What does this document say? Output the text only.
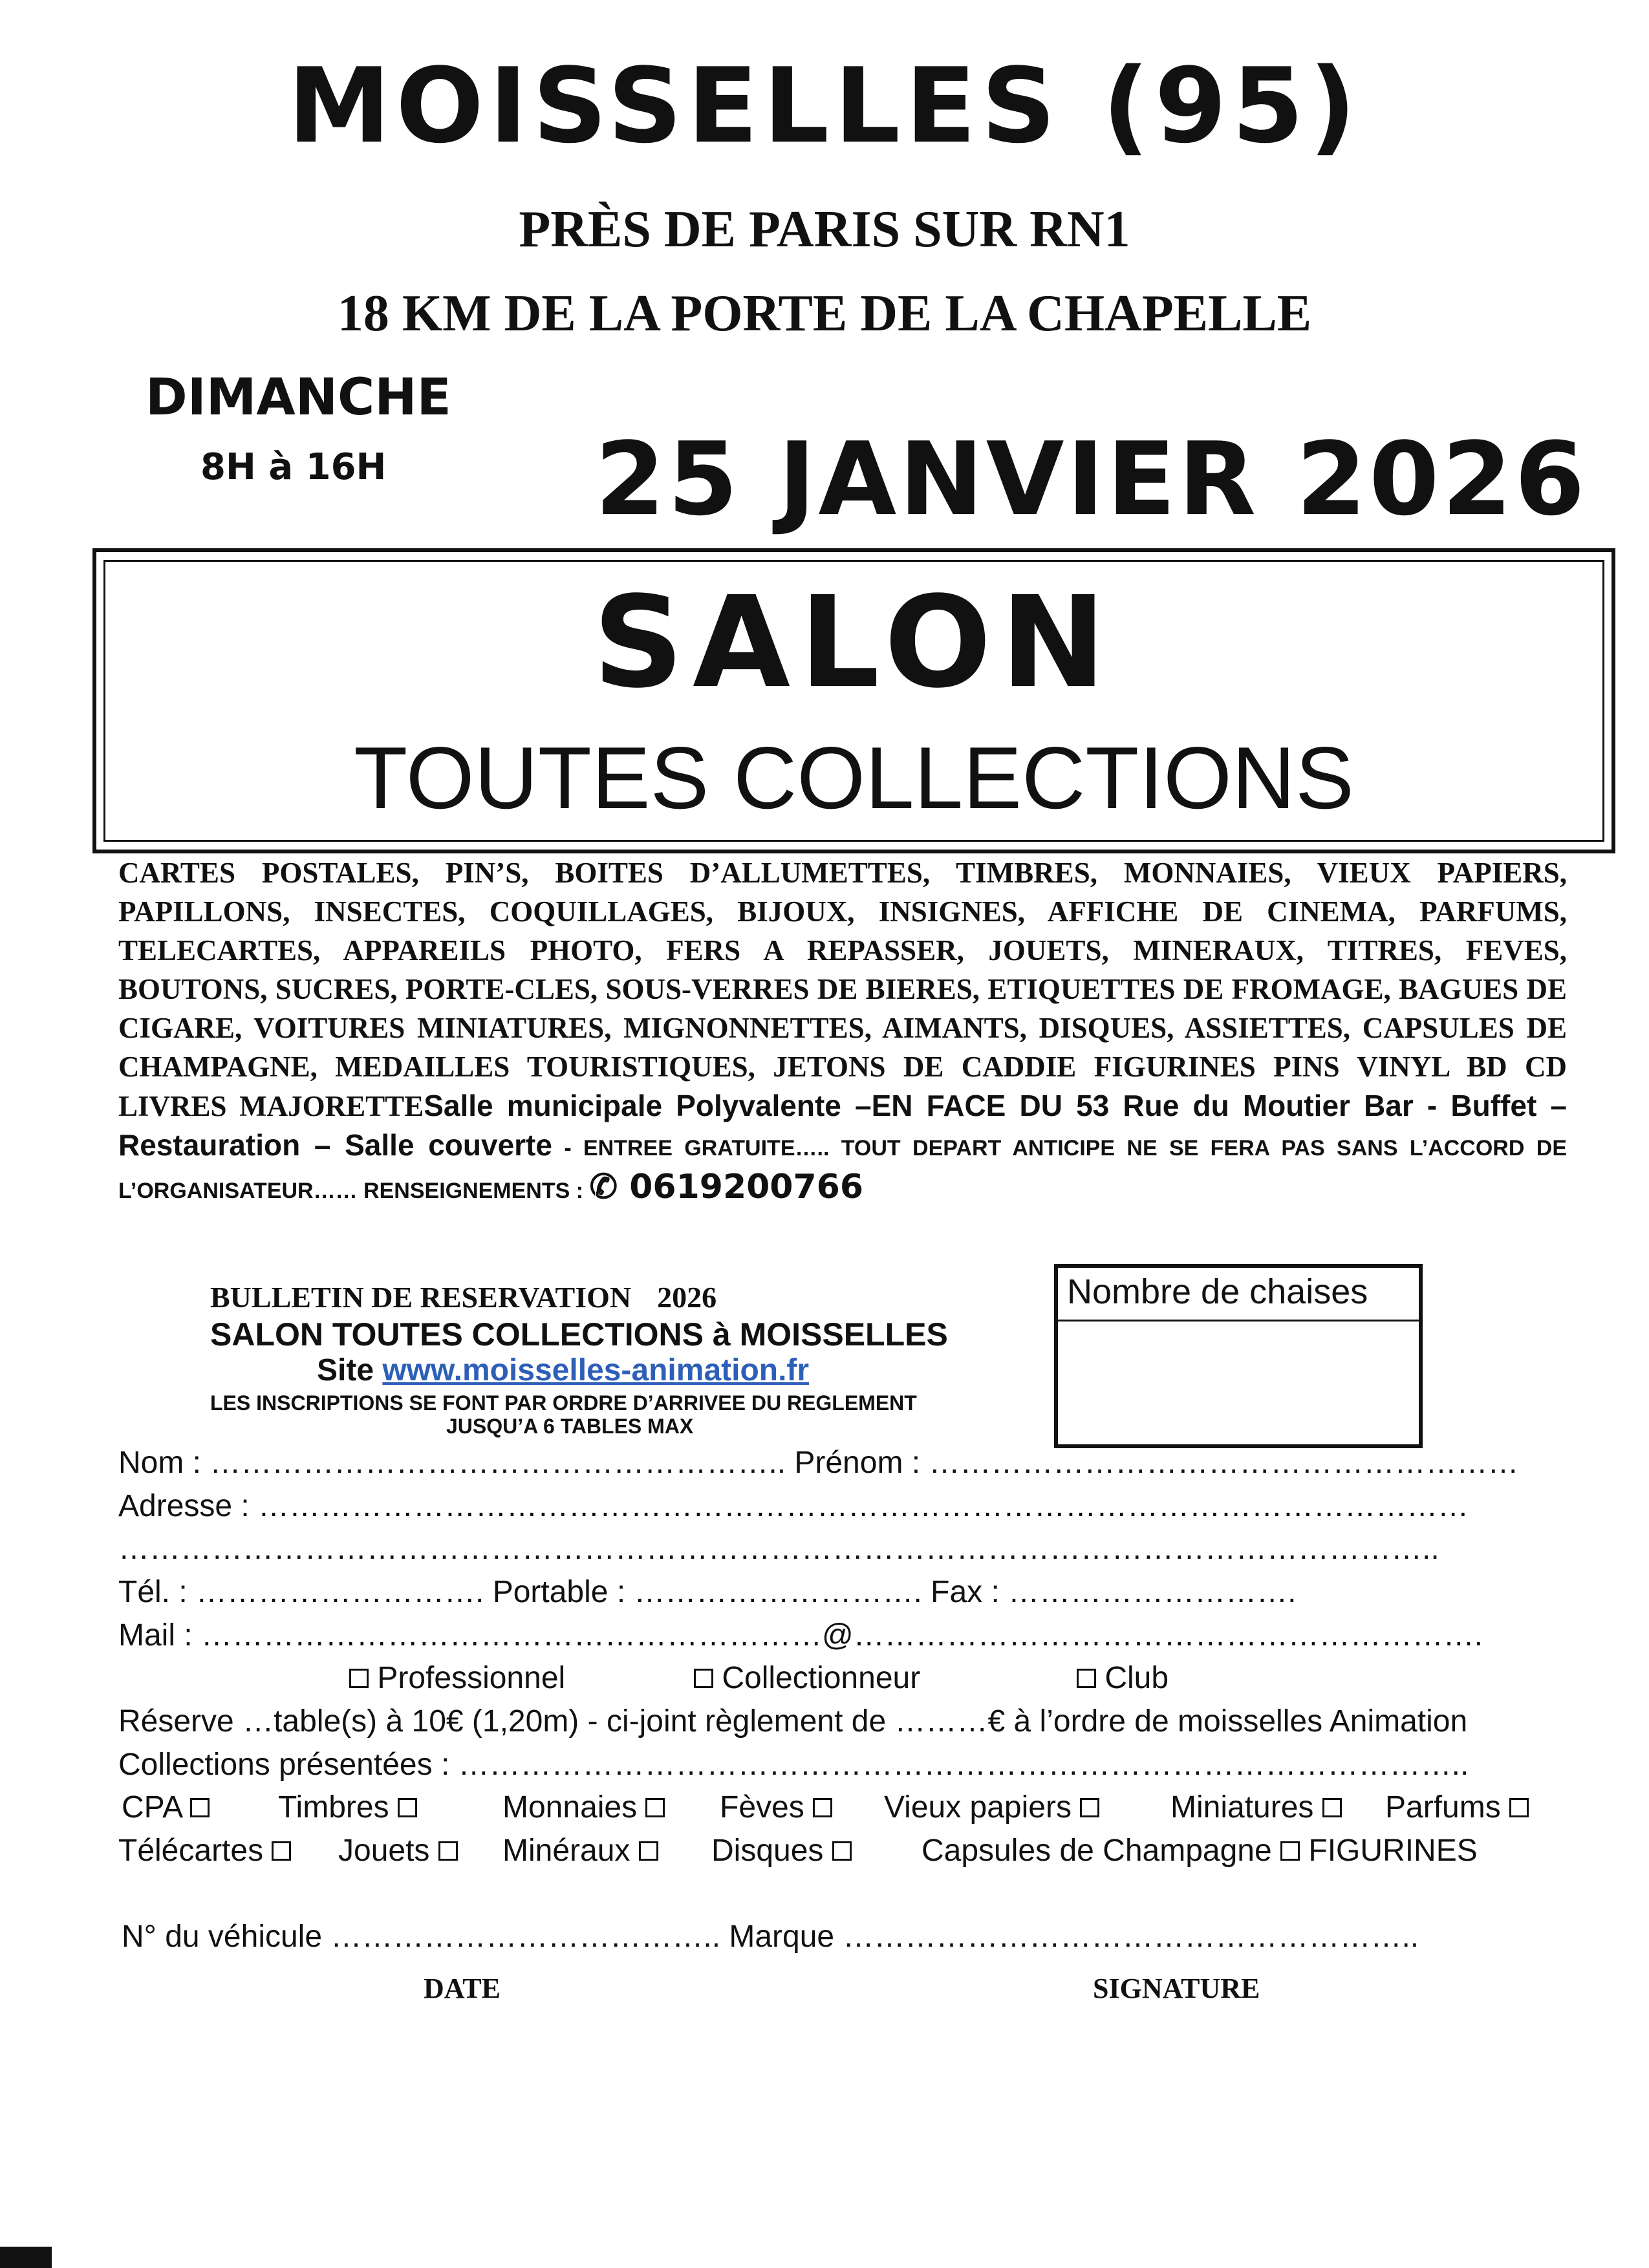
MOISSELLES (95)
PRÈS DE PARIS SUR RN1
18 KM DE LA PORTE DE LA CHAPELLE
DIMANCHE
8H à 16H 25 JANVIER 2026
SALON
TOUTES COLLECTIONS
CARTES POSTALES, PIN’S, BOITES D’ALLUMETTES, TIMBRES, MONNAIES, VIEUX PAPIERS, PAPILLONS, INSECTES, COQUILLAGES, BIJOUX, INSIGNES, AFFICHE DE CINEMA, PARFUMS, TELECARTES, APPAREILS PHOTO, FERS A REPASSER, JOUETS, MINERAUX, TITRES, FEVES, BOUTONS, SUCRES, PORTE-CLES, SOUS-VERRES DE BIERES, ETIQUETTES DE FROMAGE, BAGUES DE CIGARE, VOITURES MINIATURES, MIGNONNETTES, AIMANTS, DISQUES, ASSIETTES, CAPSULES DE CHAMPAGNE, MEDAILLES TOURISTIQUES, JETONS DE CADDIE FIGURINES PINS VINYL BD CD LIVRES MAJORETTESalle municipale Polyvalente –EN FACE DU 53 Rue du Moutier Bar - Buffet – Restauration – Salle couverte - ENTREE GRATUITE….. TOUT DEPART ANTICIPE NE SE FERA PAS SANS L’ACCORD DE L’ORGANISATEUR…… RENSEIGNEMENTS : ✆ 0619200766
BULLETIN DE RESERVATION 2026
SALON TOUTES COLLECTIONS à MOISSELLES
Site www.moisselles-animation.fr
LES INSCRIPTIONS SE FONT PAR ORDRE D’ARRIVEE DU REGLEMENT
JUSQU’A 6 TABLES MAX
Nombre de chaises
Nom : ……………………………………………….. Prénom : …………………………………………………
Adresse : ………………………………………………………………………………………………………
………………………………………………………………………………………………………………..
Tél. : ………………………. Portable : ………………………. Fax : ……………………….
Mail : ……………………………………………………@…………………………………………………….
Professionnel	Collectionneur	Club
Réserve …table(s) à 10€ (1,20m) - ci-joint règlement de ………€ à l’ordre de moisselles Animation
Collections présentées : ……………………………………………………………………………………..
CPA	Timbres	Monnaies	Fèves	Vieux papiers	Miniatures	Parfums
Télécartes	Jouets	Minéraux	Disques	Capsules de Champagne FIGURINES
N° du véhicule ……………………………….. Marque ………………………………………………..
DATE	SIGNATURE
